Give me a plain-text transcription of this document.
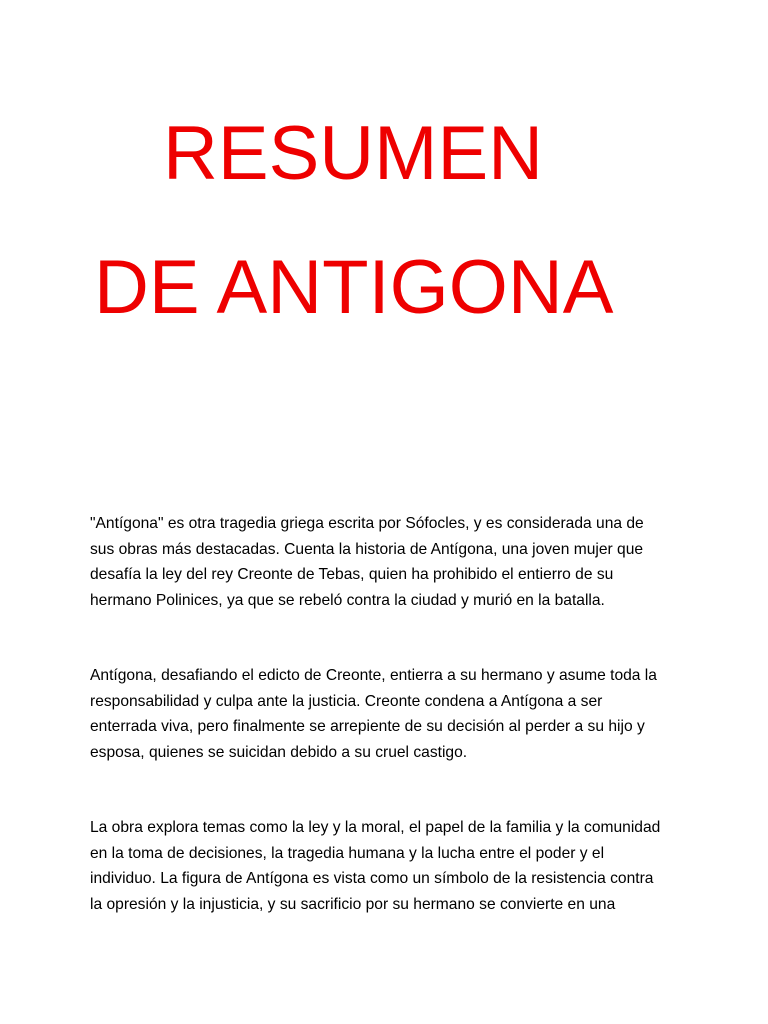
RESUMEN
DE ANTIGONA

"Antígona" es otra tragedia griega escrita por Sófocles, y es considerada una de
sus obras más destacadas. Cuenta la historia de Antígona, una joven mujer que
desafía la ley del rey Creonte de Tebas, quien ha prohibido el entierro de su
hermano Polinices, ya que se rebeló contra la ciudad y murió en la batalla.

Antígona, desafiando el edicto de Creonte, entierra a su hermano y asume toda la
responsabilidad y culpa ante la justicia. Creonte condena a Antígona a ser
enterrada viva, pero finalmente se arrepiente de su decisión al perder a su hijo y
esposa, quienes se suicidan debido a su cruel castigo.

La obra explora temas como la ley y la moral, el papel de la familia y la comunidad
en la toma de decisiones, la tragedia humana y la lucha entre el poder y el
individuo. La figura de Antígona es vista como un símbolo de la resistencia contra
la opresión y la injusticia, y su sacrificio por su hermano se convierte en una
